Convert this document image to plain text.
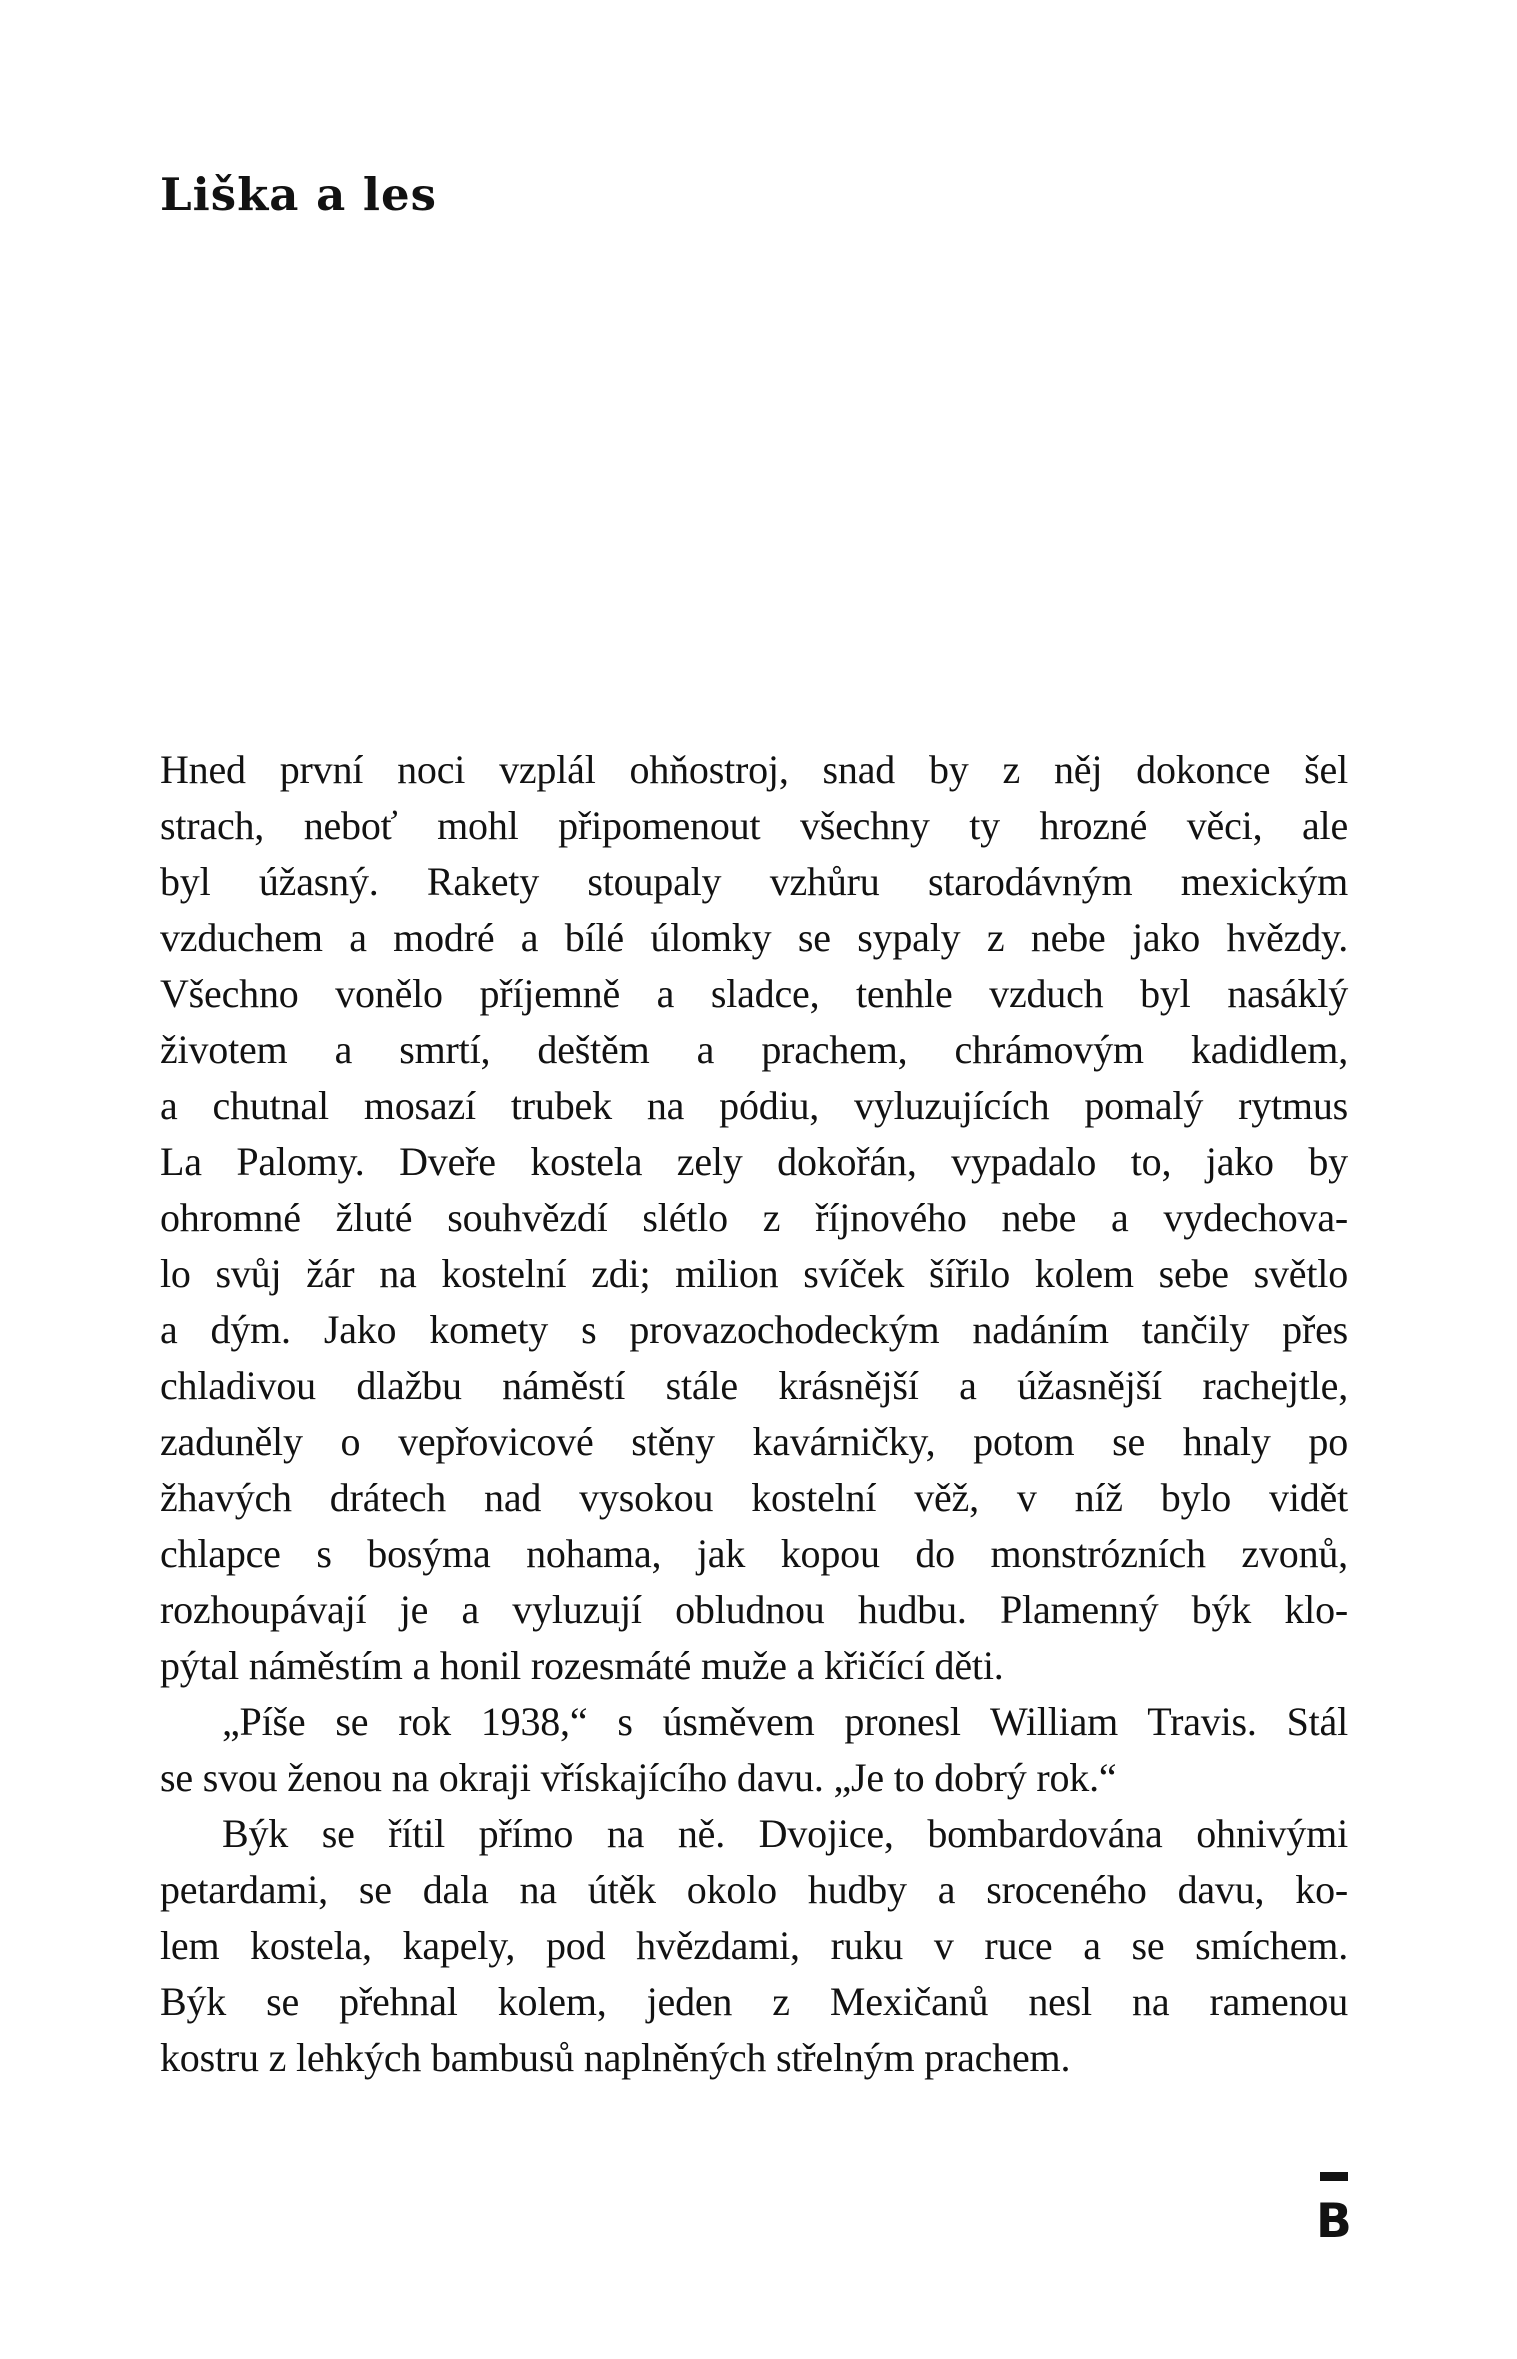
Liška a les
Hned první noci vzplál ohňostroj, snad by z něj dokonce šel
strach, neboť mohl připomenout všechny ty hrozné věci, ale
byl úžasný. Rakety stoupaly vzhůru starodávným mexickým
vzduchem a modré a bílé úlomky se sypaly z nebe jako hvězdy.
Všechno vonělo příjemně a sladce, tenhle vzduch byl nasáklý
životem a smrtí, deštěm a prachem, chrámovým kadidlem,
a chutnal mosazí trubek na pódiu, vyluzujících pomalý rytmus
La Palomy. Dveře kostela zely dokořán, vypadalo to, jako by
ohromné žluté souhvězdí slétlo z říjnového nebe a vydechova-
lo svůj žár na kostelní zdi; milion svíček šířilo kolem sebe světlo
a dým. Jako komety s provazochodeckým nadáním tančily přes
chladivou dlažbu náměstí stále krásnější a úžasnější rachejtle,
zaduněly o vepřovicové stěny kavárničky, potom se hnaly po
žhavých drátech nad vysokou kostelní věž, v níž bylo vidět
chlapce s bosýma nohama, jak kopou do monstrózních zvonů,
rozhoupávají je a vyluzují obludnou hudbu. Plamenný býk klo-
pýtal náměstím a honil rozesmáté muže a křičící děti.
„Píše se rok 1938,“ s úsměvem pronesl William Travis. Stál
se svou ženou na okraji vřískajícího davu. „Je to dobrý rok.“
Býk se řítil přímo na ně. Dvojice, bombardována ohnivými
petardami, se dala na útěk okolo hudby a sroceného davu, ko-
lem kostela, kapely, pod hvězdami, ruku v ruce a se smíchem.
Býk se přehnal kolem, jeden z Mexičanů nesl na ramenou
kostru z lehkých bambusů naplněných střelným prachem.
B
